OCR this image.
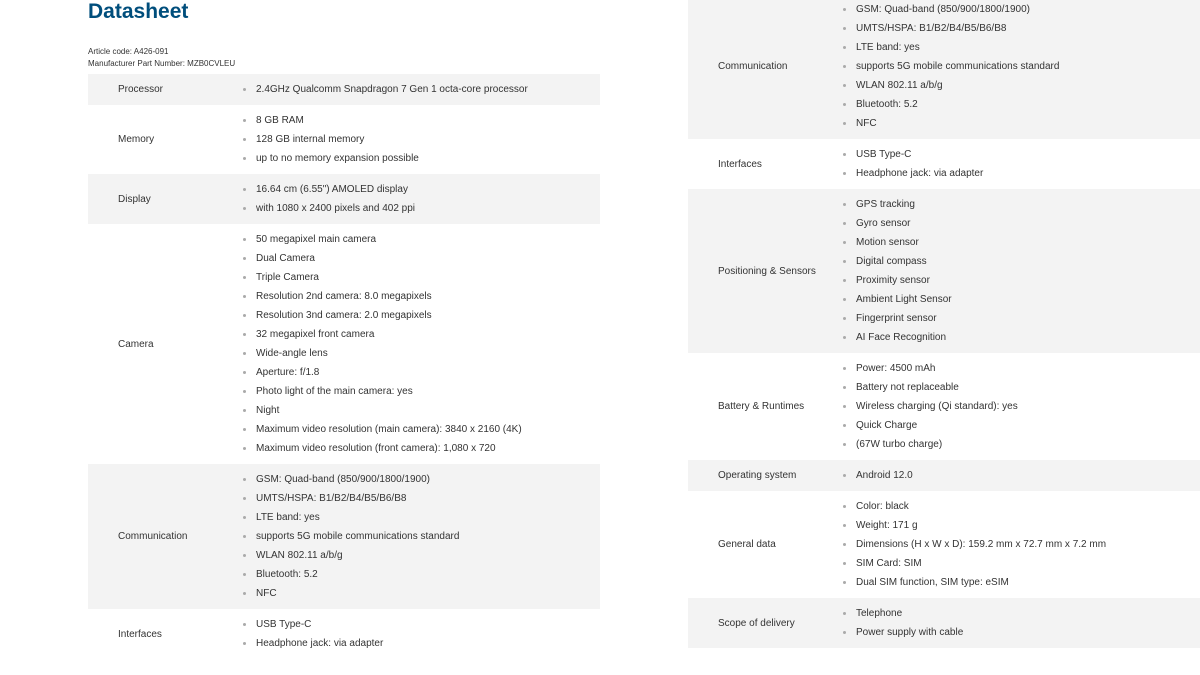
Datasheet
Article code: A426-091
Manufacturer Part Number: MZB0CVLEU
Processor	2.4GHz Qualcomm Snapdragon 7 Gen 1 octa-core processor
Memory
8 GB RAM
128 GB internal memory
up to no memory expansion possible
Display
16.64 cm (6.55") AMOLED display
with 1080 x 2400 pixels and 402 ppi
Camera
50 megapixel main camera
Dual Camera
Triple Camera
Resolution 2nd camera: 8.0 megapixels
Resolution 3nd camera: 2.0 megapixels
32 megapixel front camera
Wide-angle lens
Aperture: f/1.8
Photo light of the main camera: yes
Night
Maximum video resolution (main camera): 3840 x 2160 (4K)
Maximum video resolution (front camera): 1,080 x 720
Communication
GSM: Quad-band (850/900/1800/1900)
UMTS/HSPA: B1/B2/B4/B5/B6/B8
LTE band: yes
supports 5G mobile communications standard
WLAN 802.11 a/b/g
Bluetooth: 5.2
NFC
Interfaces
USB Type-C
Headphone jack: via adapter
Communication
GSM: Quad-band (850/900/1800/1900)
UMTS/HSPA: B1/B2/B4/B5/B6/B8
LTE band: yes
supports 5G mobile communications standard
WLAN 802.11 a/b/g
Bluetooth: 5.2
NFC
Interfaces
USB Type-C
Headphone jack: via adapter
Positioning & Sensors
GPS tracking
Gyro sensor
Motion sensor
Digital compass
Proximity sensor
Ambient Light Sensor
Fingerprint sensor
AI Face Recognition
Battery & Runtimes
Power: 4500 mAh
Battery not replaceable
Wireless charging (Qi standard): yes
Quick Charge
(67W turbo charge)
Operating system	Android 12.0
General data
Color: black
Weight: 171 g
Dimensions (H x W x D): 159.2 mm x 72.7 mm x 7.2 mm
SIM Card: SIM
Dual SIM function, SIM type: eSIM
Scope of delivery
Telephone
Power supply with cable
